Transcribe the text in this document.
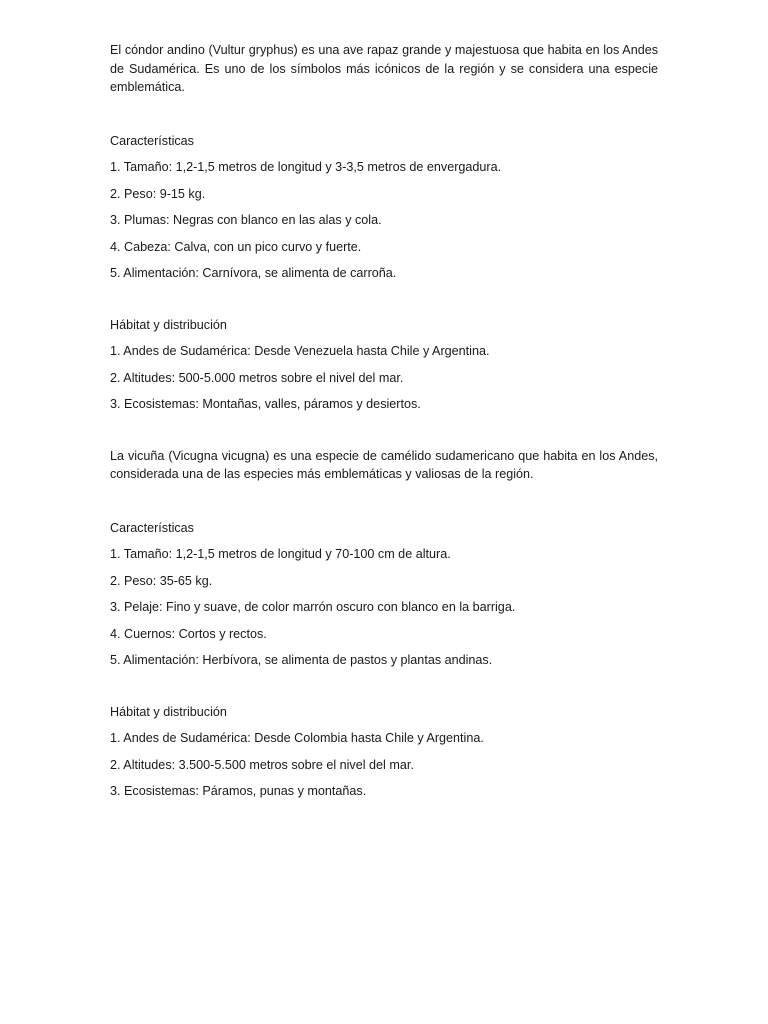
El cóndor andino (Vultur gryphus) es una ave rapaz grande y majestuosa que habita en los Andes de Sudamérica. Es uno de los símbolos más icónicos de la región y se considera una especie emblemática.

Características

1. Tamaño: 1,2-1,5 metros de longitud y 3-3,5 metros de envergadura.

2. Peso: 9-15 kg.

3. Plumas: Negras con blanco en las alas y cola.

4. Cabeza: Calva, con un pico curvo y fuerte.

5. Alimentación: Carnívora, se alimenta de carroña.

Hábitat y distribución

1. Andes de Sudamérica: Desde Venezuela hasta Chile y Argentina.

2. Altitudes: 500-5.000 metros sobre el nivel del mar.

3. Ecosistemas: Montañas, valles, páramos y desiertos.

La vicuña (Vicugna vicugna) es una especie de camélido sudamericano que habita en los Andes, considerada una de las especies más emblemáticas y valiosas de la región.

Características

1. Tamaño: 1,2-1,5 metros de longitud y 70-100 cm de altura.

2. Peso: 35-65 kg.

3. Pelaje: Fino y suave, de color marrón oscuro con blanco en la barriga.

4. Cuernos: Cortos y rectos.

5. Alimentación: Herbívora, se alimenta de pastos y plantas andinas.

Hábitat y distribución

1. Andes de Sudamérica: Desde Colombia hasta Chile y Argentina.

2. Altitudes: 3.500-5.500 metros sobre el nivel del mar.

3. Ecosistemas: Páramos, punas y montañas.
